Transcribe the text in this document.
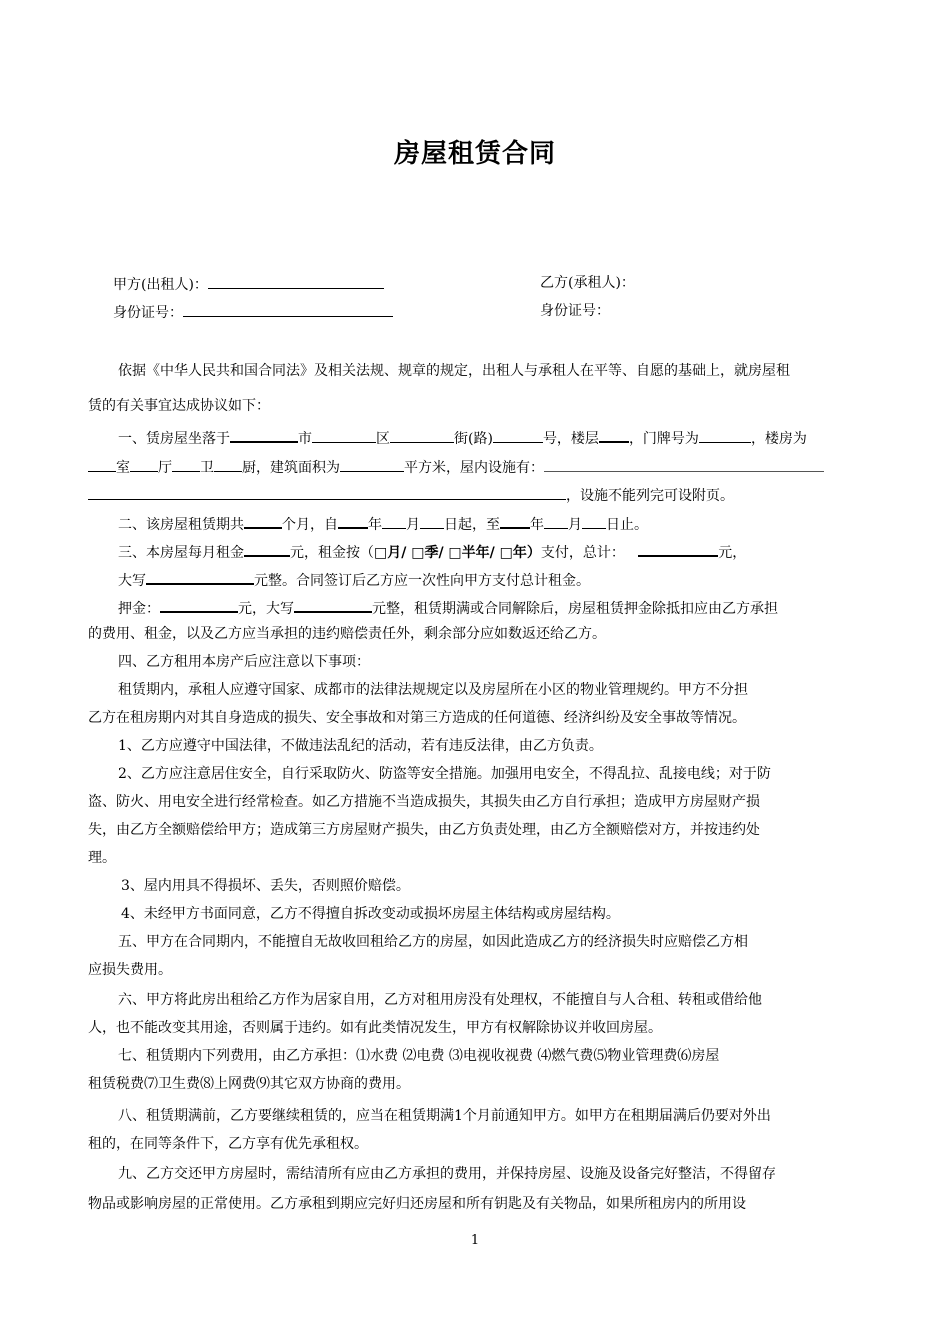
房屋租赁合同
甲方(出租人)：
身份证号：
乙方(承租人)：
身份证号：
依据《中华人民共和国合同法》及相关法规、规章的规定，出租人与承租人在平等、自愿的基础上，就房屋租
赁的有关事宜达成协议如下：
一、赁房屋坐落于	市	区	街(路)	号，楼层 ，门牌号为	，楼房为
室 厅 卫 厨，建筑面积为	平方米，屋内设施有：
，设施不能列完可设附页。
二、该房屋租赁期共	个月，自 年 月 日起，至 年 月 日止。
三、本房屋每月租金	元，租金按（□月/ □季/ □半年/ □年）支付，总计：	元，
大写	元整。合同签订后乙方应一次性向甲方支付总计租金。
押金：	元，大写	元整，租赁期满或合同解除后，房屋租赁押金除抵扣应由乙方承担
的费用、租金，以及乙方应当承担的违约赔偿责任外，剩余部分应如数返还给乙方。
四、乙方租用本房产后应注意以下事项：
租赁期内，承租人应遵守国家、成都市的法律法规规定以及房屋所在小区的物业管理规约。甲方不分担
乙方在租房期内对其自身造成的损失、安全事故和对第三方造成的任何道德、经济纠纷及安全事故等情况。
1、乙方应遵守中国法律，不做违法乱纪的活动，若有违反法律，由乙方负责。
2、乙方应注意居住安全，自行采取防火、防盗等安全措施。加强用电安全，不得乱拉、乱接电线；对于防
盗、防火、用电安全进行经常检查。如乙方措施不当造成损失，其损失由乙方自行承担；造成甲方房屋财产损
失，由乙方全额赔偿给甲方；造成第三方房屋财产损失，由乙方负责处理，由乙方全额赔偿对方，并按违约处
理。
3、屋内用具不得损坏、丢失，否则照价赔偿。
4、未经甲方书面同意，乙方不得擅自拆改变动或损坏房屋主体结构或房屋结构。
五、甲方在合同期内，不能擅自无故收回租给乙方的房屋，如因此造成乙方的经济损失时应赔偿乙方相
应损失费用。
六、甲方将此房出租给乙方作为居家自用，乙方对租用房没有处理权，不能擅自与人合租、转租或借给他
人，也不能改变其用途，否则属于违约。如有此类情况发生，甲方有权解除协议并收回房屋。
七、租赁期内下列费用，由乙方承担：⑴水费 ⑵电费 ⑶电视收视费 ⑷燃气费⑸物业管理费⑹房屋
租赁税费⑺卫生费⑻上网费⑼其它双方协商的费用。
八、租赁期满前，乙方要继续租赁的，应当在租赁期满1个月前通知甲方。如甲方在租期届满后仍要对外出
租的，在同等条件下，乙方享有优先承租权。
九、乙方交还甲方房屋时，需结清所有应由乙方承担的费用，并保持房屋、设施及设备完好整洁，不得留存
物品或影响房屋的正常使用。乙方承租到期应完好归还房屋和所有钥匙及有关物品，如果所租房内的所用设
1
